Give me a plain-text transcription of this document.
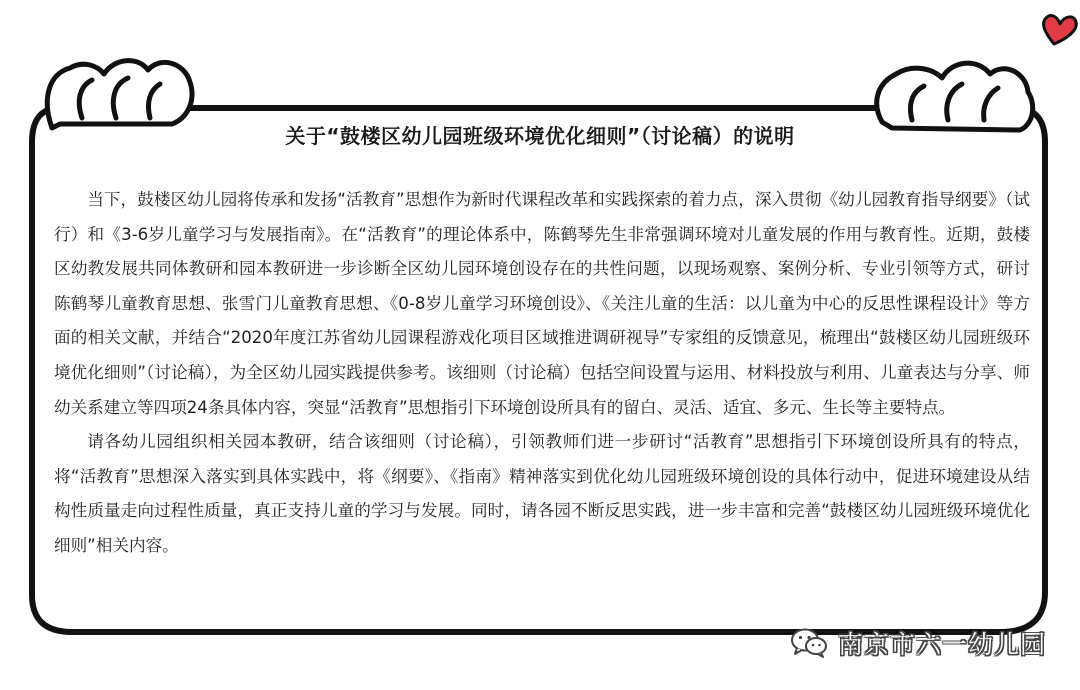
关于“鼓楼区幼儿园班级环境优化细则”（讨论稿）的说明

当下，鼓楼区幼儿园将传承和发扬“活教育”思想作为新时代课程改革和实践探索的着力点，深入贯彻《幼儿园教育指导纲要》（试行）和《3-6岁儿童学习与发展指南》。在“活教育”的理论体系中，陈鹤琴先生非常强调环境对儿童发展的作用与教育性。近期，鼓楼区幼教发展共同体教研和园本教研进一步诊断全区幼儿园环境创设存在的共性问题，以现场观察、案例分析、专业引领等方式，研讨陈鹤琴儿童教育思想、张雪门儿童教育思想、《0-8岁儿童学习环境创设》、《关注儿童的生活：以儿童为中心的反思性课程设计》等方面的相关文献，并结合“2020年度江苏省幼儿园课程游戏化项目区域推进调研视导”专家组的反馈意见，梳理出“鼓楼区幼儿园班级环境优化细则”（讨论稿），为全区幼儿园实践提供参考。该细则（讨论稿）包括空间设置与运用、材料投放与利用、儿童表达与分享、师幼关系建立等四项24条具体内容，突显“活教育”思想指引下环境创设所具有的留白、灵活、适宜、多元、生长等主要特点。

请各幼儿园组织相关园本教研，结合该细则（讨论稿），引领教师们进一步研讨“活教育”思想指引下环境创设所具有的特点，将“活教育”思想深入落实到具体实践中，将《纲要》、《指南》精神落实到优化幼儿园班级环境创设的具体行动中，促进环境建设从结构性质量走向过程性质量，真正支持儿童的学习与发展。同时，请各园不断反思实践，进一步丰富和完善“鼓楼区幼儿园班级环境优化细则”相关内容。

南京市六一幼儿园
